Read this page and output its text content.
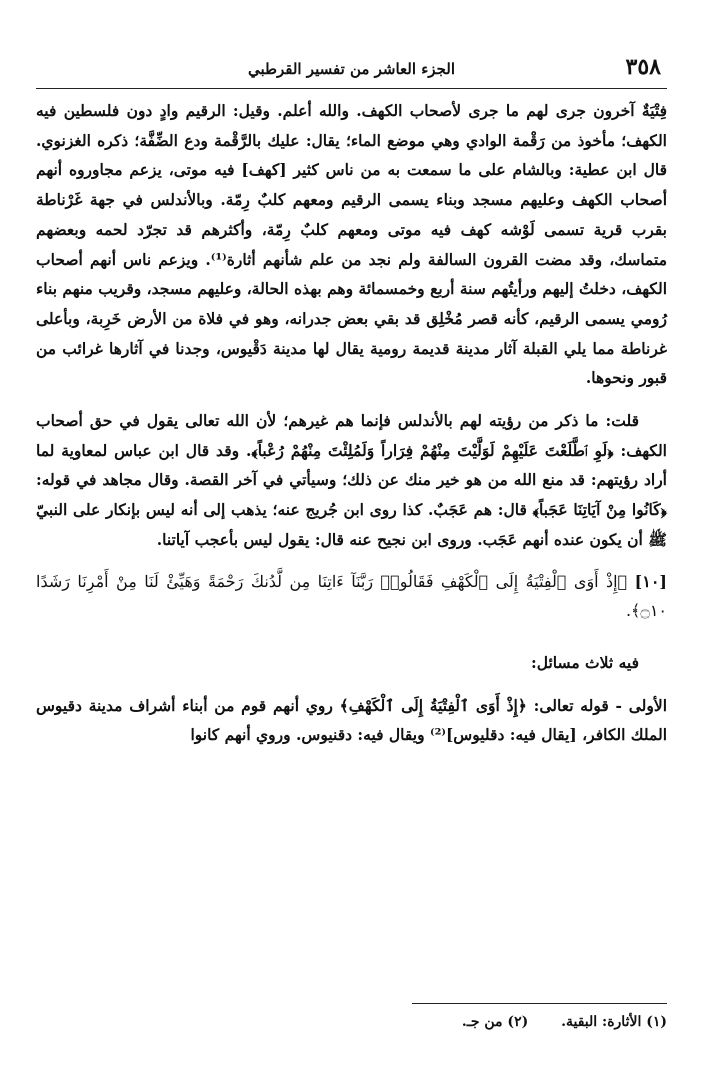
٣٥٨
الجزء العاشر من تفسير القرطبي

فِتْيَةٌ آخرون جرى لهم ما جرى لأصحاب الكهف. والله أعلم. وقيل: الرقيم وادٍ دون فلسطين فيه الكهف؛ مأخوذ من رَقْمة الوادي وهي موضع الماء؛ يقال: عليك بالرَّقْمة ودع الضِّفَّة؛ ذكره الغزنوي. قال ابن عطية: وبالشام على ما سمعت به من ناس كثير [كهف] فيه موتى، يزعم مجاوروه أنهم أصحاب الكهف وعليهم مسجد وبناء يسمى الرقيم ومعهم كلبٌ رِمّة. وبالأندلس في جهة غَرْناطة بقرب قرية تسمى لَوْشه كهف فيه موتى ومعهم كلبٌ رِمّة، وأكثرهم قد تجرّد لحمه وبعضهم متماسك، وقد مضت القرون السالفة ولم نجد من علم شأنهم أثارة⁽¹⁾. ويزعم ناس أنهم أصحاب الكهف، دخلتُ إليهم ورأيتُهم سنة أربع وخمسمائة وهم بهذه الحالة، وعليهم مسجد، وقريب منهم بناء رُومي يسمى الرقيم، كأنه قصر مُخْلِق قد بقي بعض جدرانه، وهو في فلاة من الأرض خَرِبة، وبأعلى غرناطة مما يلي القبلة آثار مدينة قديمة رومية يقال لها مدينة دَقْيوس، وجدنا في آثارها غرائب من قبور ونحوها.

قلت: ما ذكر من رؤيته لهم بالأندلس فإنما هم غيرهم؛ لأن الله تعالى يقول في حق أصحاب الكهف: ﴿لَوِ ٱطَّلَعْتَ عَلَيْهِمْ لَوَلَّيْتَ مِنْهُمْ فِرَاراً وَلَمُلِئْتَ مِنْهُمْ رُعْباً﴾. وقد قال ابن عباس لمعاوية لما أراد رؤيتهم: قد منع الله من هو خير منك عن ذلك؛ وسيأتي في آخر القصة. وقال مجاهد في قوله: ﴿كَانُوا مِنْ آيَاتِنَا عَجَباً﴾ قال: هم عَجَبٌ. كذا روى ابن جُريج عنه؛ يذهب إلى أنه ليس بإنكار على النبيّ ﷺ أن يكون عنده أنهم عَجَب. وروى ابن نجيح عنه قال: يقول ليس بأعجب آياتنا.

[١٠] ﴿إِذْ أَوَى ٱلْفِتْيَةُ إِلَى ٱلْكَهْفِ فَقَالُوا۟ رَبَّنَآ ءَاتِنَا مِن لَّدُنكَ رَحْمَةً وَهَيِّئْ لَنَا مِنْ أَمْرِنَا رَشَدًا ۝١٠﴾.

فيه ثلاث مسائل:

الأولى - قوله تعالى: ﴿إِذْ أَوَى ٱلْفِتْيَةُ إِلَى ٱلْكَهْفِ﴾ روي أنهم قوم من أبناء أشراف مدينة دقيوس الملك الكافر، [يقال فيه: دقليوس]⁽²⁾ ويقال فيه: دقنيوس. وروي أنهم كانوا

(١) الأثارة: البقية. (٢) من جـ.
